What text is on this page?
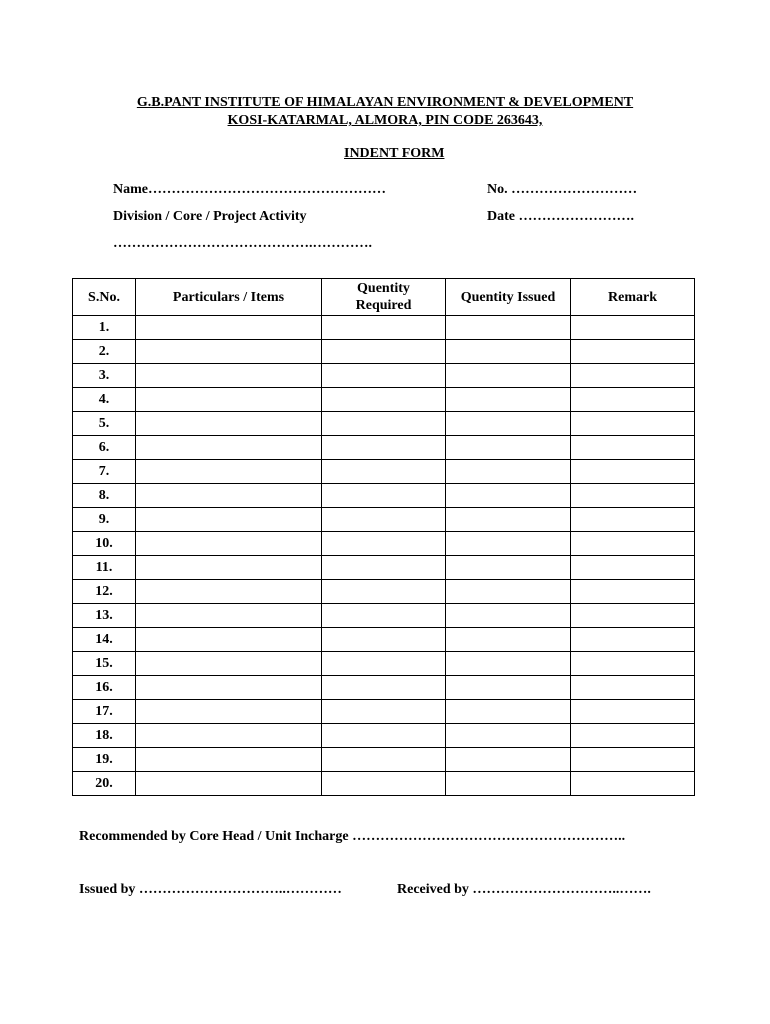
G.B.PANT INSTITUTE OF HIMALAYAN ENVIRONMENT & DEVELOPMENT
KOSI-KATARMAL, ALMORA, PIN CODE 263643,
INDENT FORM
Name……………………………………………	No. ………………………
Division / Core / Project Activity	Date …………………….
…………………………………….………….
S.No.	Particulars / Items	Quentity Required	Quentity Issued	Remark
1.				
2.				
3.				
4.				
5.				
6.				
7.				
8.				
9.				
10.				
11.				
12.				
13.				
14.				
15.				
16.				
17.				
18.				
19.				
20.				
Recommended by Core Head / Unit Incharge …………………………………………………..
Issued by …………………………..…………	Received by …………………………..…….
